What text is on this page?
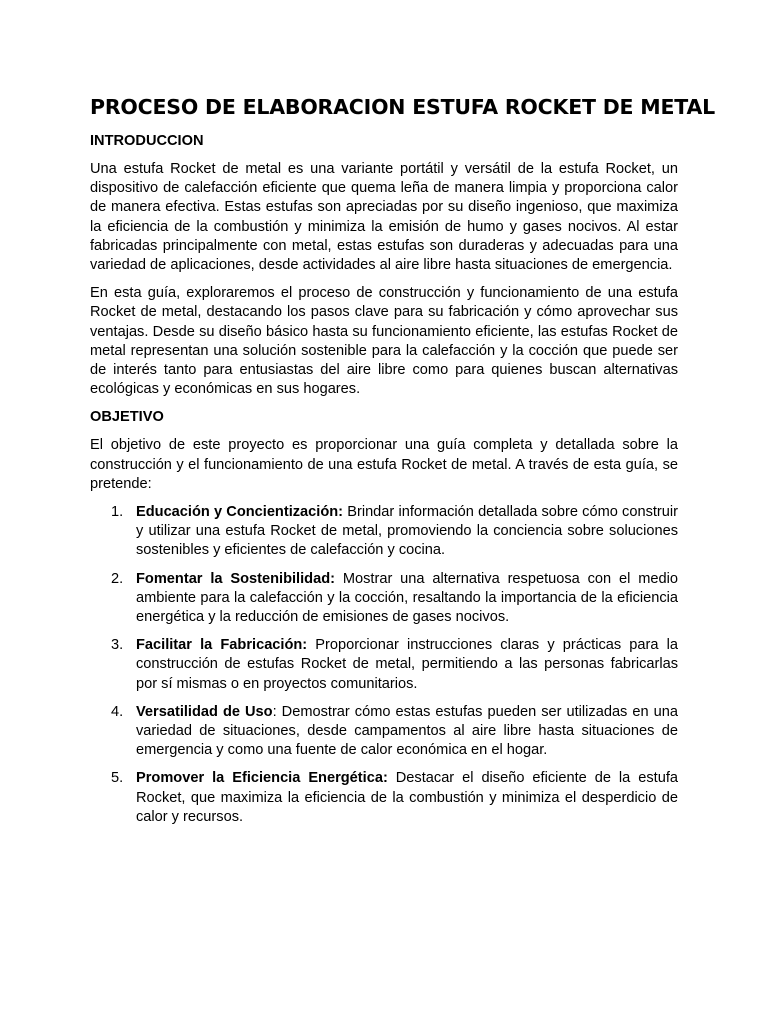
PROCESO DE ELABORACION ESTUFA ROCKET DE METAL
INTRODUCCION

Una estufa Rocket de metal es una variante portátil y versátil de la estufa Rocket, un dispositivo de calefacción eficiente que quema leña de manera limpia y proporciona calor de manera efectiva. Estas estufas son apreciadas por su diseño ingenioso, que maximiza la eficiencia de la combustión y minimiza la emisión de humo y gases nocivos. Al estar fabricadas principalmente con metal, estas estufas son duraderas y adecuadas para una variedad de aplicaciones, desde actividades al aire libre hasta situaciones de emergencia.

En esta guía, exploraremos el proceso de construcción y funcionamiento de una estufa Rocket de metal, destacando los pasos clave para su fabricación y cómo aprovechar sus ventajas. Desde su diseño básico hasta su funcionamiento eficiente, las estufas Rocket de metal representan una solución sostenible para la calefacción y la cocción que puede ser de interés tanto para entusiastas del aire libre como para quienes buscan alternativas ecológicas y económicas en sus hogares.

OBJETIVO

El objetivo de este proyecto es proporcionar una guía completa y detallada sobre la construcción y el funcionamiento de una estufa Rocket de metal. A través de esta guía, se pretende:

1. Educación y Concientización: Brindar información detallada sobre cómo construir y utilizar una estufa Rocket de metal, promoviendo la conciencia sobre soluciones sostenibles y eficientes de calefacción y cocina.
2. Fomentar la Sostenibilidad: Mostrar una alternativa respetuosa con el medio ambiente para la calefacción y la cocción, resaltando la importancia de la eficiencia energética y la reducción de emisiones de gases nocivos.
3. Facilitar la Fabricación: Proporcionar instrucciones claras y prácticas para la construcción de estufas Rocket de metal, permitiendo a las personas fabricarlas por sí mismas o en proyectos comunitarios.
4. Versatilidad de Uso: Demostrar cómo estas estufas pueden ser utilizadas en una variedad de situaciones, desde campamentos al aire libre hasta situaciones de emergencia y como una fuente de calor económica en el hogar.
5. Promover la Eficiencia Energética: Destacar el diseño eficiente de la estufa Rocket, que maximiza la eficiencia de la combustión y minimiza el desperdicio de calor y recursos.
